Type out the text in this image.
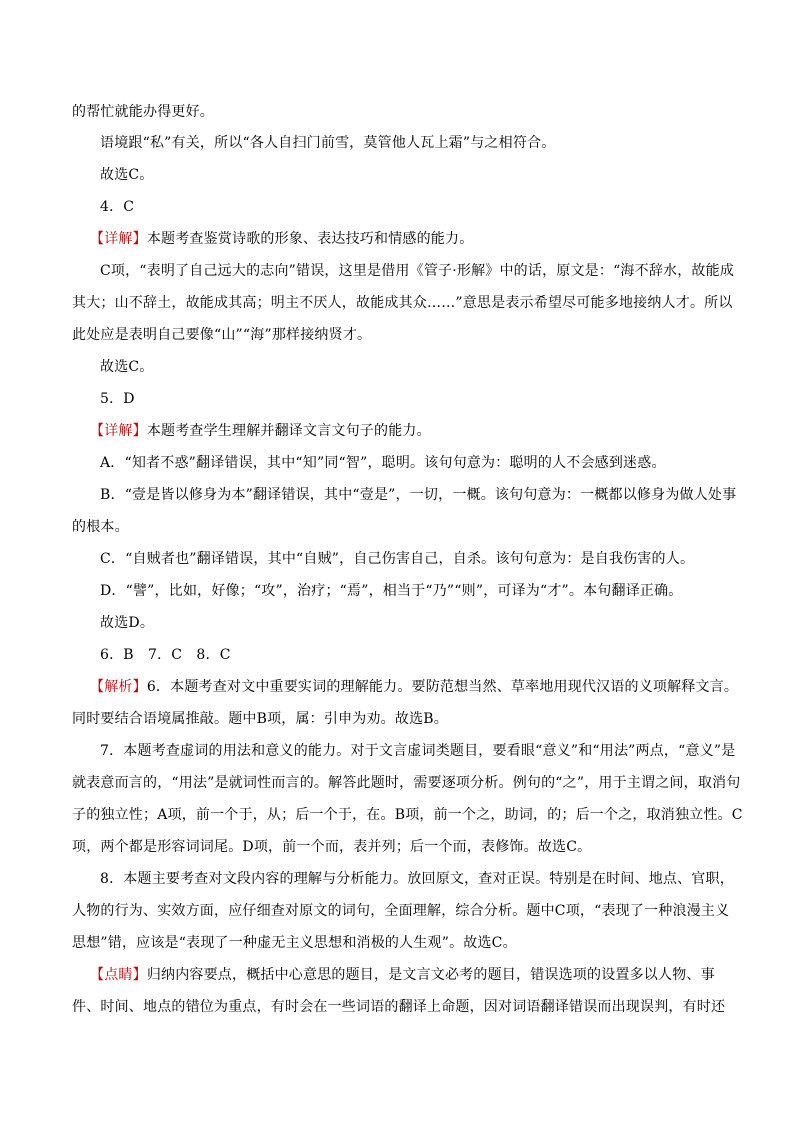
的帮忙就能办得更好。
语境跟“私”有关，所以“各人自扫门前雪，莫管他人瓦上霜”与之相符合。
故选C。
4．C
【详解】本题考查鉴赏诗歌的形象、表达技巧和情感的能力。
C项，“表明了自己远大的志向”错误，这里是借用《管子·形解》中的话，原文是：“海不辞水，故能成
其大；山不辞土，故能成其高；明主不厌人，故能成其众……”意思是表示希望尽可能多地接纳人才。所以
此处应是表明自己要像“山”“海”那样接纳贤才。
故选C。
5．D
【详解】本题考查学生理解并翻译文言文句子的能力。
A．“知者不惑”翻译错误，其中“知”同“智”，聪明。该句句意为：聪明的人不会感到迷惑。
B．“壹是皆以修身为本”翻译错误，其中“壹是”，一切，一概。该句句意为：一概都以修身为做人处事
的根本。
C．“自贼者也”翻译错误，其中“自贼”，自己伤害自己，自杀。该句句意为：是自我伤害的人。
D．“譬”，比如，好像；“攻”，治疗；“焉”，相当于“乃”“则”，可译为“才”。本句翻译正确。
故选D。
6．B　7．C　8．C
【解析】6．本题考查对文中重要实词的理解能力。要防范想当然、草率地用现代汉语的义项解释文言。
同时要结合语境属推敲。题中B项，属：引申为劝。故选B。
7．本题考查虚词的用法和意义的能力。对于文言虚词类题目，要看眼“意义”和“用法”两点，“意义”是
就表意而言的，“用法”是就词性而言的。解答此题时，需要逐项分析。例句的“之”，用于主谓之间，取消句
子的独立性；A项，前一个于，从；后一个于，在。B项，前一个之，助词，的；后一个之，取消独立性。C
项，两个都是形容词词尾。D项，前一个而，表并列；后一个而，表修饰。故选C。
8．本题主要考查对文段内容的理解与分析能力。放回原文，查对正误。特别是在时间、地点、官职，
人物的行为、实效方面，应仔细查对原文的词句，全面理解，综合分析。题中C项，“表现了一种浪漫主义
思想”错，应该是“表现了一种虚无主义思想和消极的人生观”。故选C。
【点睛】归纳内容要点，概括中心意思的题目，是文言文必考的题目，错误选项的设置多以人物、事
件、时间、地点的错位为重点，有时会在一些词语的翻译上命题，因对词语翻译错误而出现误判，有时还
